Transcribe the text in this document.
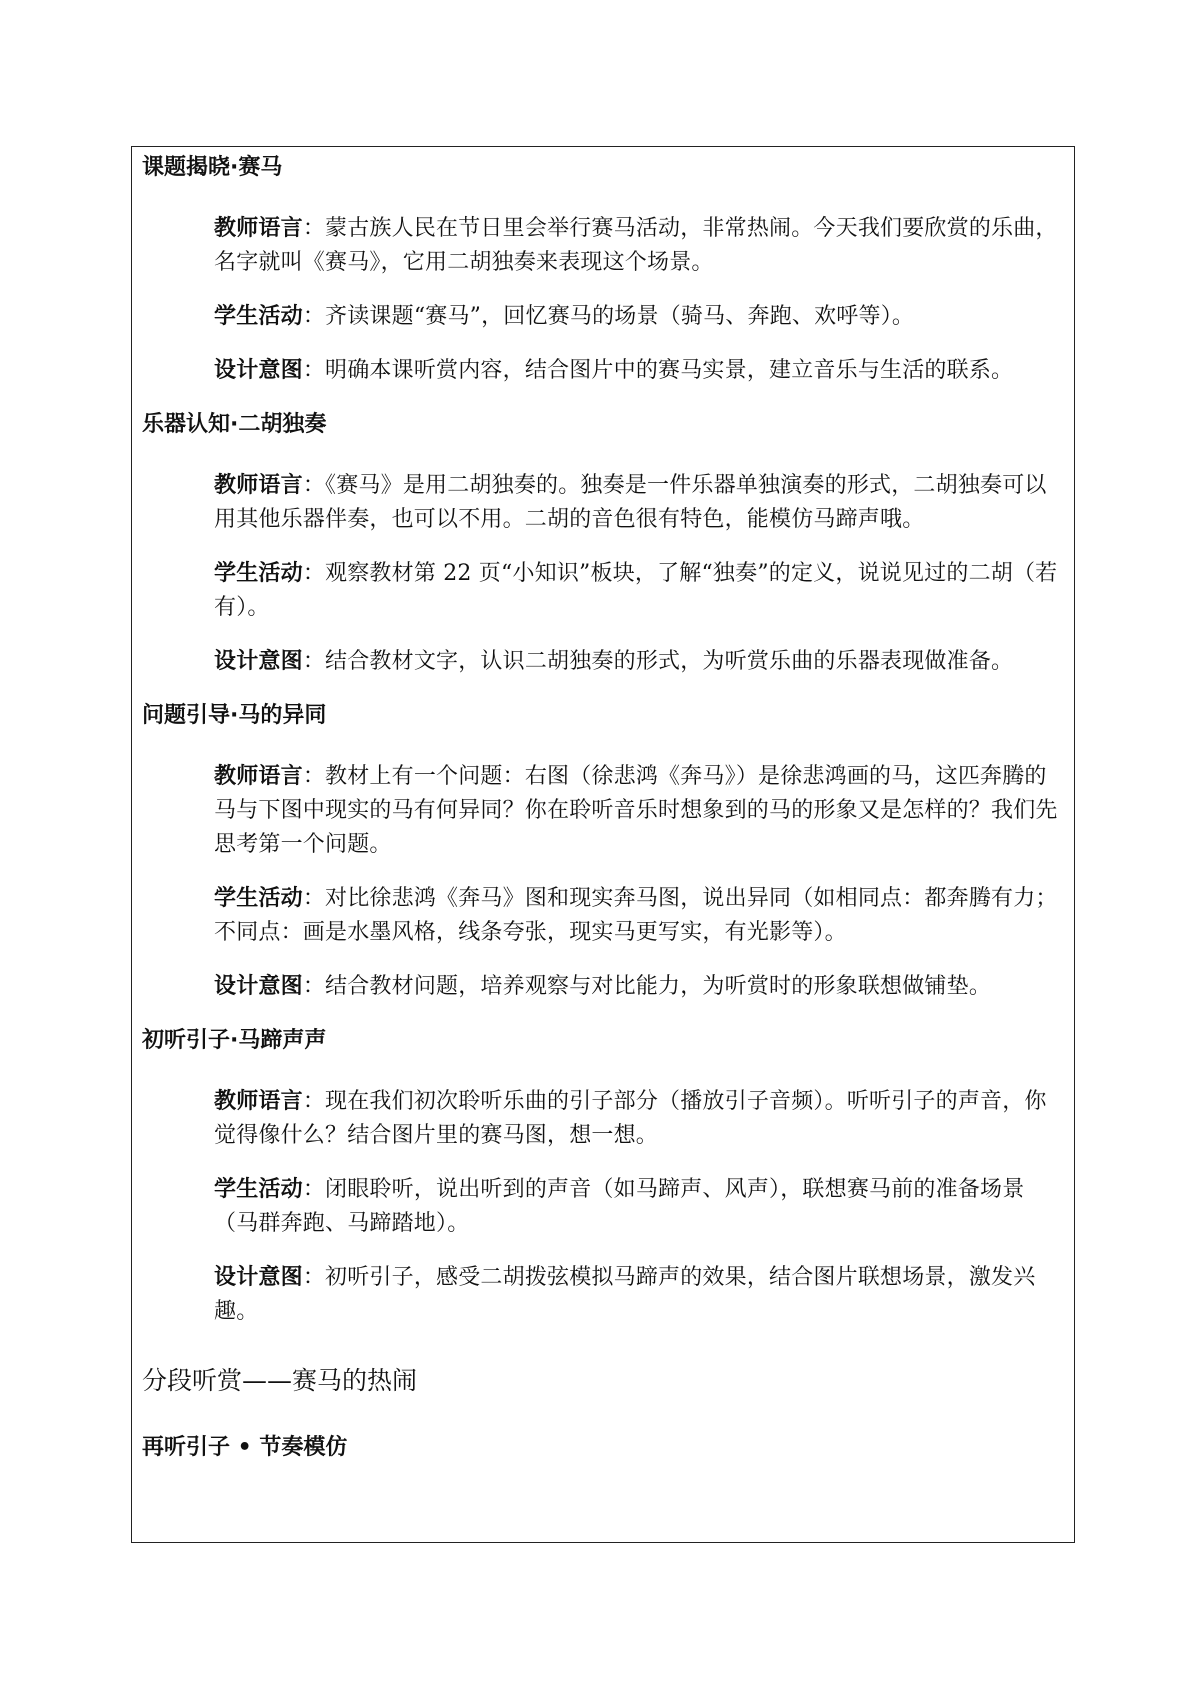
课题揭晓·赛马
教师语言：蒙古族人民在节日里会举行赛马活动，非常热闹。今天我们要欣赏的乐曲，名字就叫《赛马》，它用二胡独奏来表现这个场景。
学生活动：齐读课题“赛马”，回忆赛马的场景（骑马、奔跑、欢呼等）。
设计意图：明确本课听赏内容，结合图片中的赛马实景，建立音乐与生活的联系。
乐器认知·二胡独奏
教师语言：《赛马》是用二胡独奏的。独奏是一件乐器单独演奏的形式，二胡独奏可以用其他乐器伴奏，也可以不用。二胡的音色很有特色，能模仿马蹄声哦。
学生活动：观察教材第 22 页“小知识”板块，了解“独奏”的定义，说说见过的二胡（若有）。
设计意图：结合教材文字，认识二胡独奏的形式，为听赏乐曲的乐器表现做准备。
问题引导·马的异同
教师语言：教材上有一个问题：右图（徐悲鸿《奔马》）是徐悲鸿画的马，这匹奔腾的马与下图中现实的马有何异同？你在聆听音乐时想象到的马的形象又是怎样的？我们先思考第一个问题。
学生活动：对比徐悲鸿《奔马》图和现实奔马图，说出异同（如相同点：都奔腾有力；不同点：画是水墨风格，线条夸张，现实马更写实，有光影等）。
设计意图：结合教材问题，培养观察与对比能力，为听赏时的形象联想做铺垫。
初听引子·马蹄声声
教师语言：现在我们初次聆听乐曲的引子部分（播放引子音频）。听听引子的声音，你觉得像什么？结合图片里的赛马图，想一想。
学生活动：闭眼聆听，说出听到的声音（如马蹄声、风声），联想赛马前的准备场景（马群奔跑、马蹄踏地）。
设计意图：初听引子，感受二胡拨弦模拟马蹄声的效果，结合图片联想场景，激发兴趣。
分段听赏——赛马的热闹
再听引子 • 节奏模仿
